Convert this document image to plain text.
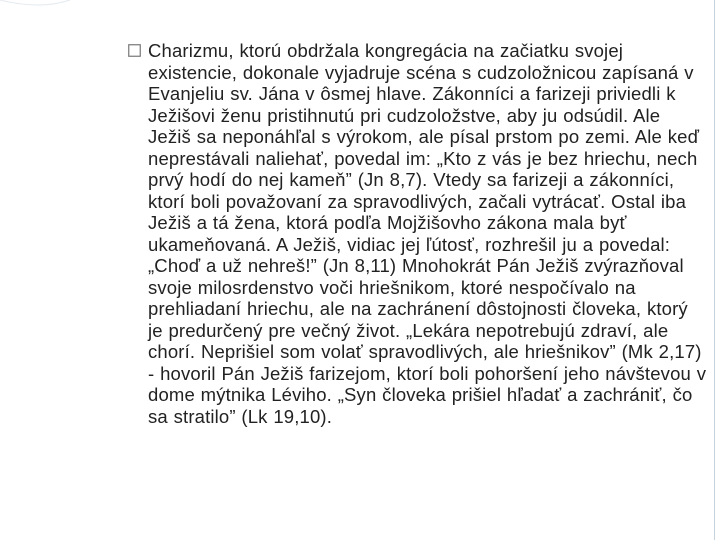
Charizmu, ktorú obdržala kongregácia na začiatku svojej existencie, dokonale vyjadruje scéna s cudzoložnicou zapísaná v Evanjeliu sv. Jána v ôsmej hlave. Zákonníci a farizeji priviedli k Ježišovi ženu pristihnutú pri cudzoložstve, aby ju odsúdil. Ale Ježiš sa neponáhľal s výrokom, ale písal prstom po zemi. Ale keď neprestávali naliehať, povedal im: „Kto z vás je bez hriechu, nech prvý hodí do nej kameň” (Jn 8,7). Vtedy sa farizeji a zákonníci, ktorí boli považovaní za spravodlivých, začali vytrácať. Ostal iba Ježiš a tá žena, ktorá podľa Mojžišovho zákona mala byť ukameňovaná. A Ježiš, vidiac jej ľútosť, rozhrešil ju a povedal: „Choď a už nehreš!” (Jn 8,11) Mnohokrát Pán Ježiš zvýrazňoval svoje milosrdenstvo voči hriešnikom, ktoré nespočívalo na prehliadaní hriechu, ale na zachránení dôstojnosti človeka, ktorý je predurčený pre večný život. „Lekára nepotrebujú zdraví, ale chorí. Neprišiel som volať spravodlivých, ale hriešnikov” (Mk 2,17) - hovoril Pán Ježiš farizejom, ktorí boli pohoršení jeho návštevou v dome mýtnika Léviho. „Syn človeka prišiel hľadať a zachrániť, čo sa stratilo” (Lk 19,10).
